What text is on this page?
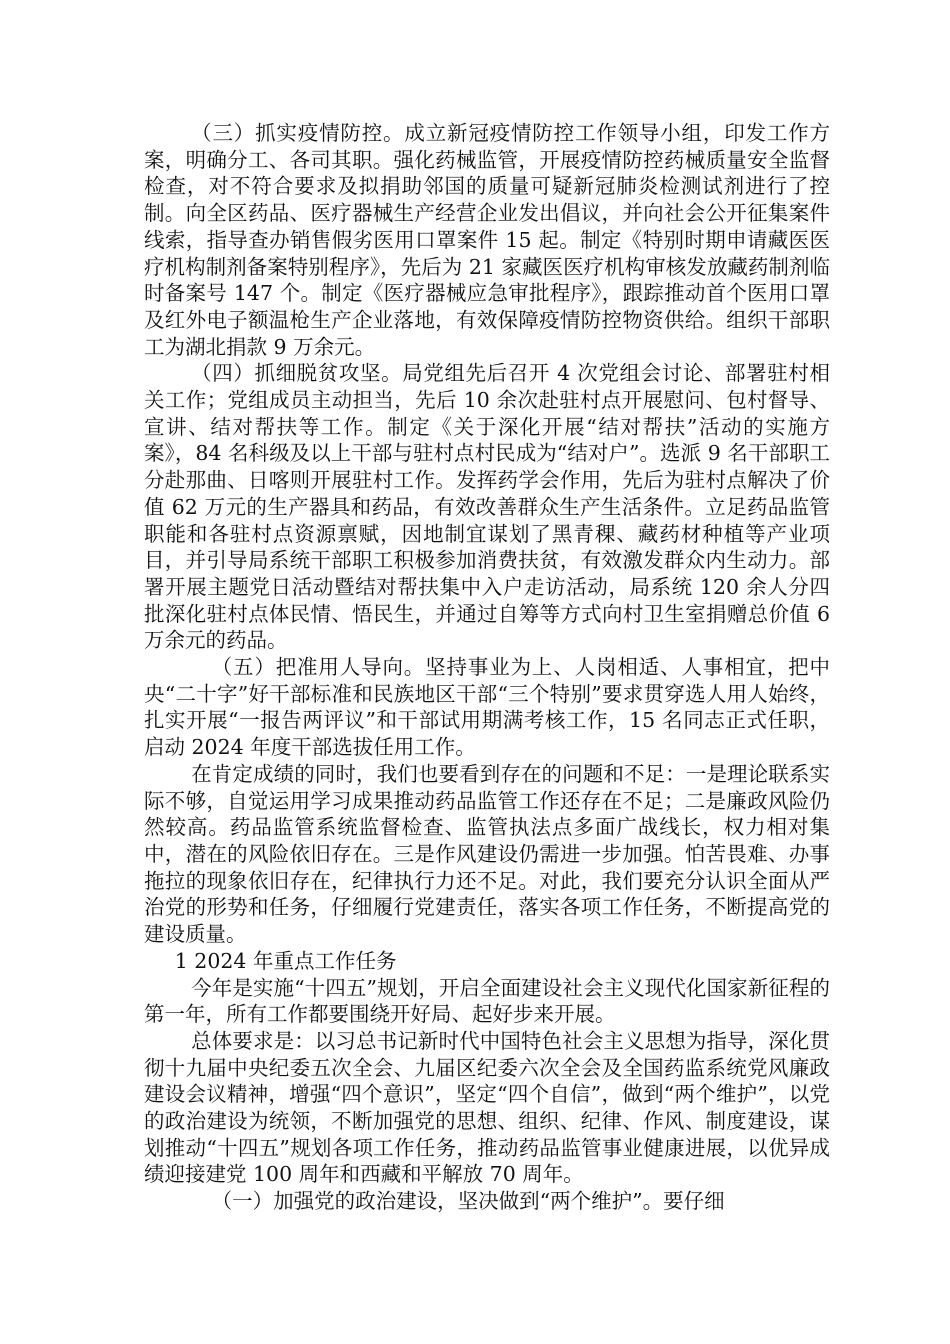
（三）抓实疫情防控。成立新冠疫情防控工作领导小组，印发工作方案，明确分工、各司其职。强化药械监管，开展疫情防控药械质量安全监督检查，对不符合要求及拟捐助邻国的质量可疑新冠肺炎检测试剂进行了控制。向全区药品、医疗器械生产经营企业发出倡议，并向社会公开征集案件线索，指导查办销售假劣医用口罩案件 15 起。制定《特别时期申请藏医医疗机构制剂备案特别程序》，先后为 21 家藏医医疗机构审核发放藏药制剂临时备案号 147 个。制定《医疗器械应急审批程序》，跟踪推动首个医用口罩及红外电子额温枪生产企业落地，有效保障疫情防控物资供给。组织干部职工为湖北捐款 9 万余元。

（四）抓细脱贫攻坚。局党组先后召开 4 次党组会讨论、部署驻村相关工作；党组成员主动担当，先后 10 余次赴驻村点开展慰问、包村督导、宣讲、结对帮扶等工作。制定《关于深化开展“结对帮扶”活动的实施方案》，84 名科级及以上干部与驻村点村民成为“结对户”。选派 9 名干部职工分赴那曲、日喀则开展驻村工作。发挥药学会作用，先后为驻村点解决了价值 62 万元的生产器具和药品，有效改善群众生产生活条件。立足药品监管职能和各驻村点资源禀赋，因地制宜谋划了黑青稞、藏药材种植等产业项目，并引导局系统干部职工积极参加消费扶贫，有效激发群众内生动力。部署开展主题党日活动暨结对帮扶集中入户走访活动，局系统 120 余人分四批深化驻村点体民情、悟民生，并通过自筹等方式向村卫生室捐赠总价值 6 万余元的药品。

（五）把准用人导向。坚持事业为上、人岗相适、人事相宜，把中央“二十字”好干部标准和民族地区干部“三个特别”要求贯穿选人用人始终，扎实开展“一报告两评议”和干部试用期满考核工作，15 名同志正式任职，启动 2024 年度干部选拔任用工作。

在肯定成绩的同时，我们也要看到存在的问题和不足：一是理论联系实际不够，自觉运用学习成果推动药品监管工作还存在不足；二是廉政风险仍然较高。药品监管系统监督检查、监管执法点多面广战线长，权力相对集中，潜在的风险依旧存在。三是作风建设仍需进一步加强。怕苦畏难、办事拖拉的现象依旧存在，纪律执行力还不足。对此，我们要充分认识全面从严治党的形势和任务，仔细履行党建责任，落实各项工作任务，不断提高党的建设质量。

1 2024 年重点工作任务

今年是实施“十四五”规划，开启全面建设社会主义现代化国家新征程的第一年，所有工作都要围绕开好局、起好步来开展。

总体要求是：以习总书记新时代中国特色社会主义思想为指导，深化贯彻十九届中央纪委五次全会、九届区纪委六次全会及全国药监系统党风廉政建设会议精神，增强“四个意识”，坚定“四个自信”，做到“两个维护”，以党的政治建设为统领，不断加强党的思想、组织、纪律、作风、制度建设，谋划推动“十四五”规划各项工作任务，推动药品监管事业健康进展，以优异成绩迎接建党 100 周年和西藏和平解放 70 周年。

（一）加强党的政治建设，坚决做到“两个维护”。要仔细
